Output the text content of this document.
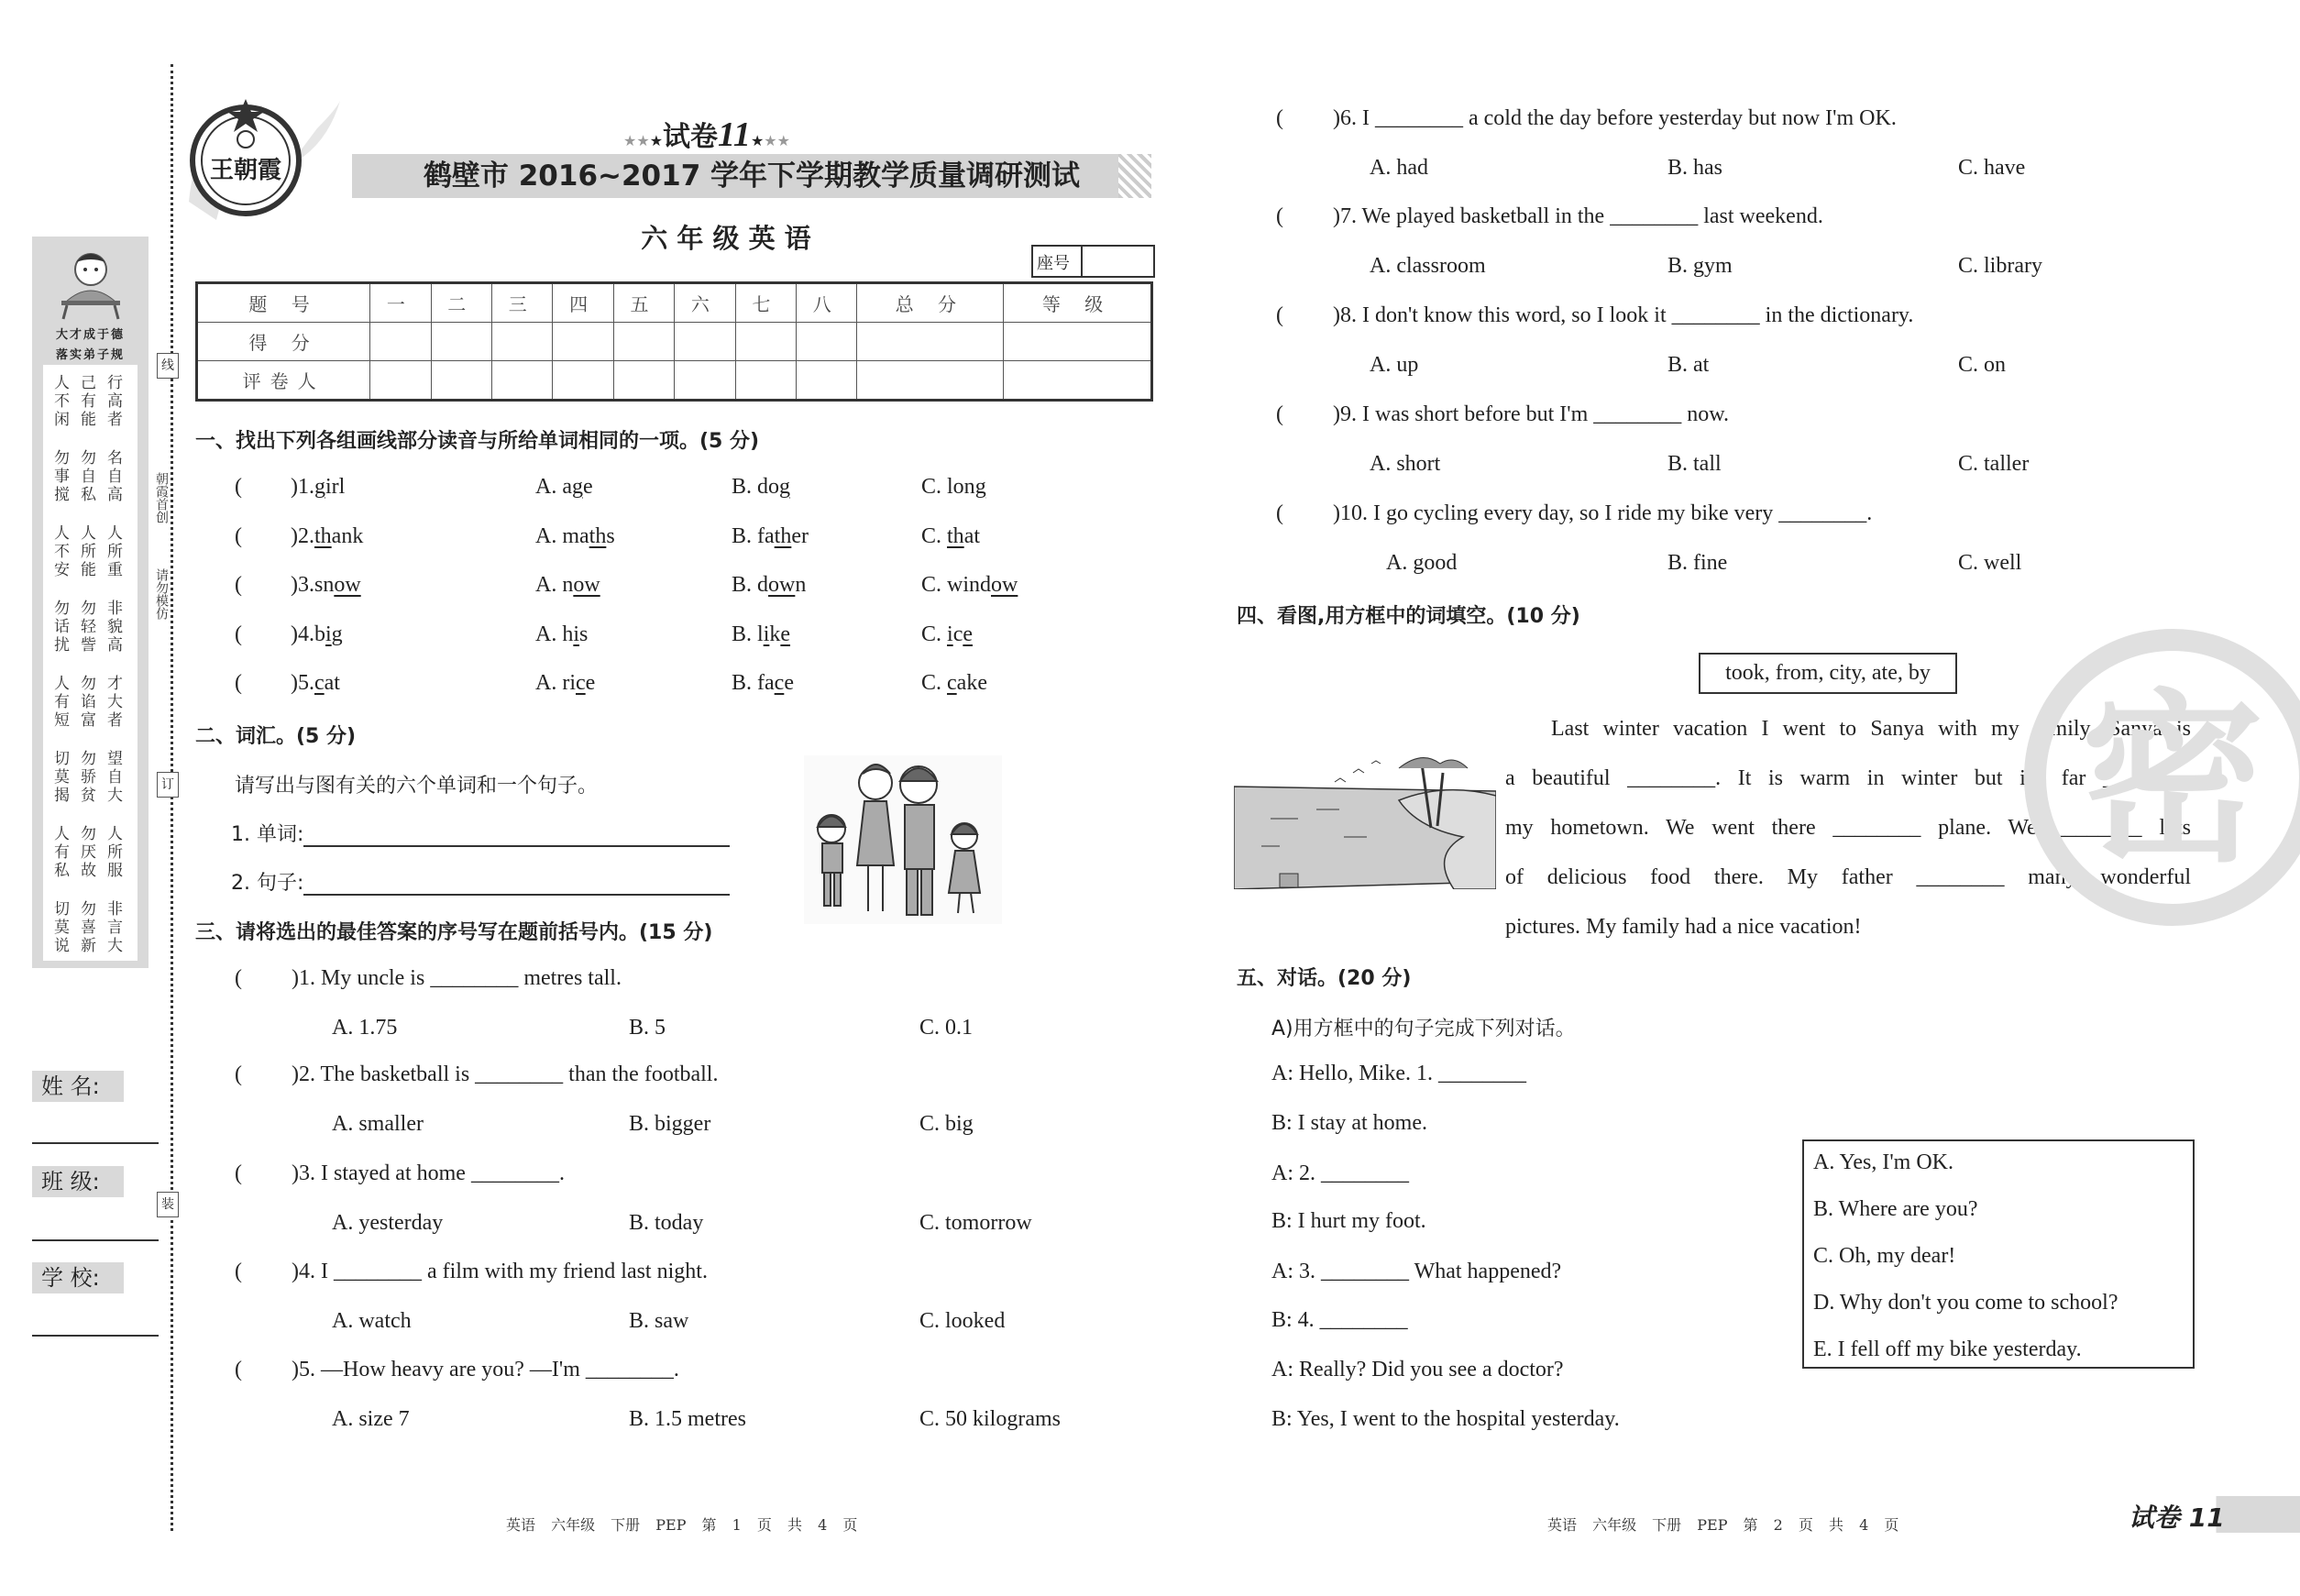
线
订
装
朝霞首创
请勿模仿
大才成于德
落实弟子规
人己行
不有高
闲能者
勿勿名
事自自
搅私高
人人人
不所所
安能重
勿勿非
话轻貌
扰訾高
人勿才
有谄大
短富者
切勿望
莫骄自
揭贫大
人勿人
有厌所
私故服
切勿非
莫喜言
说新大
姓 名:
班 级:
学 校:
王朝霞
★★★试卷11★★★
鹤壁市 2016~2017 学年下学期教学质量调研测试
六 年 级 英 语
座号
题 号	一	二	三	四	五	六	七	八	总 分	等 级
得 分										
评卷人										
一、找出下列各组画线部分读音与所给单词相同的一项。(5 分)
( )1.girl	A. age	B. dog	C. long
( )2.thank	A. maths	B. father	C. that
( )3.snow	A. now	B. down	C. window
( )4.big	A. his	B. like	C. ice
( )5.cat	A. rice	B. face	C. cake
二、词汇。(5 分)
请写出与图有关的六个单词和一个句子。
1. 单词:
2. 句子:
三、请将选出的最佳答案的序号写在题前括号内。(15 分)
( )1. My uncle is ________ metres tall.
A. 1.75	B. 5	C. 0.1
( )2. The basketball is ________ than the football.
A. smaller	B. bigger	C. big
( )3. I stayed at home ________.
A. yesterday	B. today	C. tomorrow
( )4. I ________ a film with my friend last night.
A. watch	B. saw	C. looked
( )5. —How heavy are you? —I'm ________.
A. size 7	B. 1.5 metres	C. 50 kilograms
( )6. I ________ a cold the day before yesterday but now I'm OK.
A. had	B. has	C. have
( )7. We played basketball in the ________ last weekend.
A. classroom	B. gym	C. library
( )8. I don't know this word, so I look it ________ in the dictionary.
A. up	B. at	C. on
( )9. I was short before but I'm ________ now.
A. short	B. tall	C. taller
( )10. I go cycling every day, so I ride my bike very ________.
A. good	B. fine	C. well
四、看图,用方框中的词填空。(10 分)
took, from, city, ate, by

Last winter vacation I went to Sanya with my family. Sanya is

a beautiful ________. It is warm in winter but it's far ________

my hometown. We went there ________ plane. We ________ lots

of delicious food there. My father ________ many wonderful

pictures. My family had a nice vacation!

密
五、对话。(20 分)
A)用方框中的句子完成下列对话。
A: Hello, Mike. 1. ________
B: I stay at home.
A: 2. ________
B: I hurt my foot.
A: 3. ________ What happened?
B: 4. ________
A: Really? Did you see a doctor?
B: Yes, I went to the hospital yesterday.
A. Yes, I'm OK.
B. Where are you?
C. Oh, my dear!
D. Why don't you come to school?
E. I fell off my bike yesterday.
英语 六年级 下册 PEP 第 1 页 共 4 页	英语 六年级 下册 PEP 第 2 页 共 4 页	试卷 11
